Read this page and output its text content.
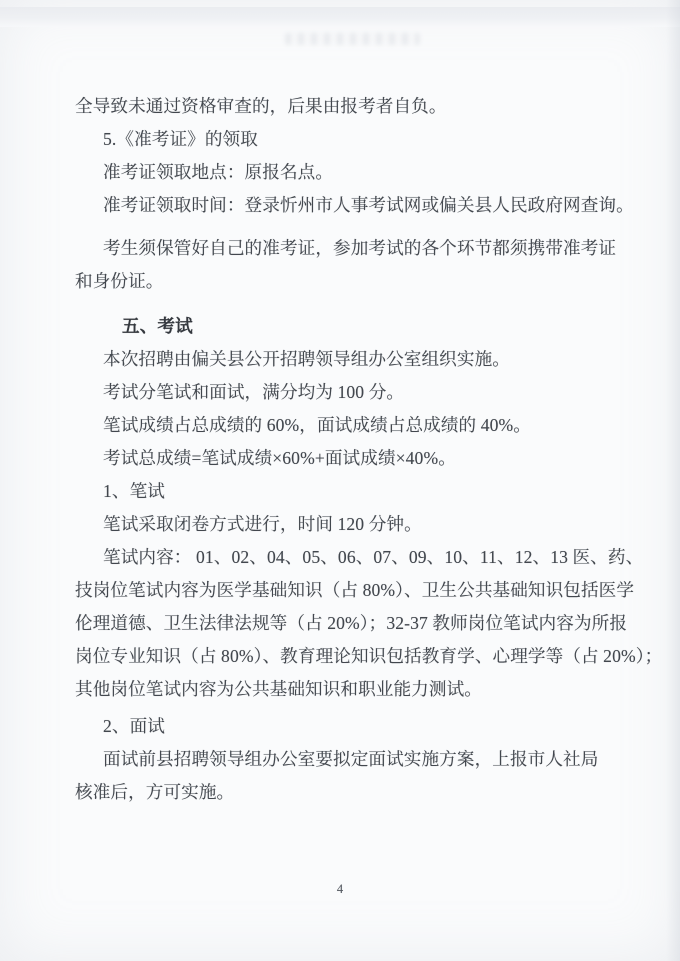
全导致未通过资格审查的，后果由报考者自负。
5.《准考证》的领取
准考证领取地点：原报名点。
准考证领取时间：登录忻州市人事考试网或偏关县人民政府网查询。
考生须保管好自己的准考证，参加考试的各个环节都须携带准考证
和身份证。
五、考试
本次招聘由偏关县公开招聘领导组办公室组织实施。
考试分笔试和面试，满分均为 100 分。
笔试成绩占总成绩的 60%，面试成绩占总成绩的 40%。
考试总成绩=笔试成绩×60%+面试成绩×40%。
1、笔试
笔试采取闭卷方式进行，时间 120 分钟。
笔试内容： 01、02、04、05、06、07、09、10、11、12、13 医、药、
技岗位笔试内容为医学基础知识（占 80%）、卫生公共基础知识包括医学
伦理道德、卫生法律法规等（占 20%）；32-37 教师岗位笔试内容为所报
岗位专业知识（占 80%）、教育理论知识包括教育学、心理学等（占 20%）；
其他岗位笔试内容为公共基础知识和职业能力测试。
2、面试
面试前县招聘领导组办公室要拟定面试实施方案，上报市人社局
核准后，方可实施。
4
